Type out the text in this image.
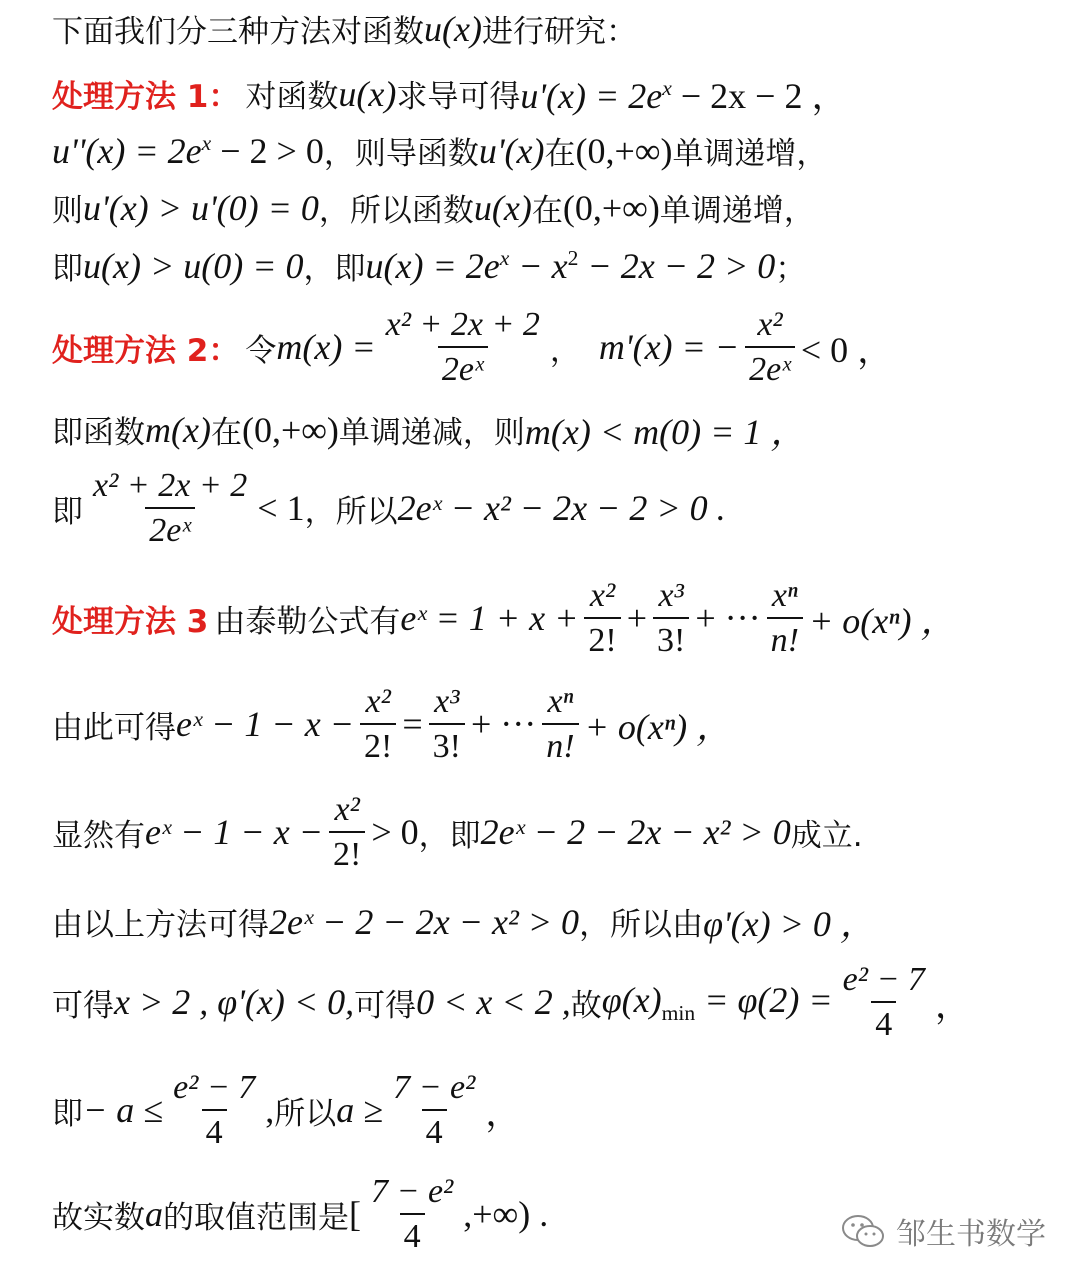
下面我们分三种方法对函数 u(x) 进行研究：
处理方法 1： 对函数 u(x) 求导可得 $u'(x) = 2e^x - 2x - 2$ ，
$u''(x) = 2e^x - 2 > 0$ ，则导函数 u'(x) 在 (0,+∞) 单调递增，
则 u'(x) > u'(0) = 0 ，所以函数 u(x) 在 (0,+∞) 单调递增，
即 u(x) > u(0) = 0 ，即 $u(x) = 2e^x - x^2 - 2x - 2 > 0$ ；
处理方法 2： 令 $m(x) = \frac{\text{x² + 2x + 2}}{\text{2eˣ}}$ ， m'(x) = − $\frac{\text{x²}}{\text{2eˣ}} < 0$ ，
即函数 m(x) 在 (0,+∞) 单调递减，则 m(x) < m(0) = 1 ，
即 $\frac{\text{x² + 2x + 2}}{\text{2eˣ}} < 1$ ，所以 2eˣ − x² − 2x − 2 > 0 .
处理方法 3 由泰勒公式有 eˣ = $1 + x + \frac{\text{x²}}{2!} + \frac{\text{x³}}{3!}$ + ··· $\frac{\text{xⁿ}}{n!} + o(x^n)$ ，
由此可得 eˣ − $1 - x - \frac{\text{x²}}{2!} = \frac{\text{x³}}{3!}$ + ··· $\frac{\text{xⁿ}}{n!} + o(x^n)$ ，
显然有 eˣ − $1 - x - \frac{\text{x²}}{2!} > 0$ ，即 2eˣ − 2 − 2x − x² > 0 成立.
由以上方法可得 2eˣ − 2 − 2x − x² > 0 ，所以由 φ'(x) > 0 ，
可得 x > 2 , φ'(x) < 0, 可得 0 < x < 2 , 故 $\varphi(x)_{min} = \varphi(2) = \frac{\text{e² − 7}}{4}$ ，
即 − $a \le \frac{\text{e² − 7}}{4}$ , 所以 $a \ge \frac{\text{7 − e²}}{4}$ ，
故实数 a 的取值范围是 [ $\frac{\text{7 − e²}}{4}$ ,+∞) .
邹生书数学
